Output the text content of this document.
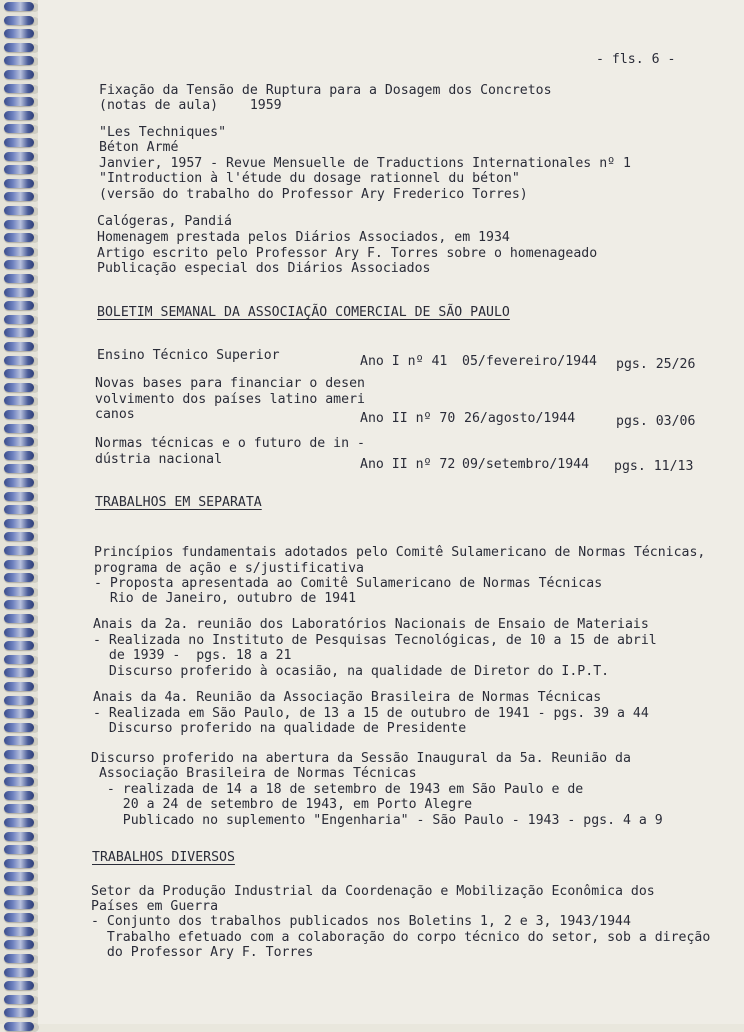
- fls. 6 -
Fixação da Tensão de Ruptura para a Dosagem dos Concretos
(notas de aula)    1959
"Les Techniques"
Béton Armé
Janvier, 1957 - Revue Mensuelle de Traductions Internationales nº 1
"Introduction à l'étude du dosage rationnel du béton"
(versão do trabalho do Professor Ary Frederico Torres)
Calógeras, Pandiá
Homenagem prestada pelos Diários Associados, em 1934
Artigo escrito pelo Professor Ary F. Torres sobre o homenageado
Publicação especial dos Diários Associados
BOLETIM SEMANAL DA ASSOCIAÇÃO COMERCIAL DE SÃO PAULO
Ensino Técnico Superior	Ano I nº 41 05/fevereiro/1944 pgs. 25/26
Novas bases para financiar o desen
volvimento dos países latino ameri
canos	Ano II nº 70 26/agosto/1944	pgs. 03/06
Normas técnicas e o futuro de in -
dústria nacional	Ano II nº 72 09/setembro/1944 pgs. 11/13
TRABALHOS EM SEPARATA
Princípios fundamentais adotados pelo Comitê Sulamericano de Normas Técnicas,
programa de ação e s/justificativa
- Proposta apresentada ao Comitê Sulamericano de Normas Técnicas
Rio de Janeiro, outubro de 1941
Anais da 2a. reunião dos Laboratórios Nacionais de Ensaio de Materiais
- Realizada no Instituto de Pesquisas Tecnológicas, de 10 a 15 de abril
de 1939 -  pgs. 18 a 21
Discurso proferido à ocasião, na qualidade de Diretor do I.P.T.
Anais da 4a. Reunião da Associação Brasileira de Normas Técnicas
- Realizada em São Paulo, de 13 a 15 de outubro de 1941 - pgs. 39 a 44
Discurso proferido na qualidade de Presidente
Discurso proferido na abertura da Sessão Inaugural da 5a. Reunião da
Associação Brasileira de Normas Técnicas
- realizada de 14 a 18 de setembro de 1943 em São Paulo e de
20 a 24 de setembro de 1943, em Porto Alegre
Publicado no suplemento "Engenharia" - São Paulo - 1943 - pgs. 4 a 9
TRABALHOS DIVERSOS
Setor da Produção Industrial da Coordenação e Mobilização Econômica dos
Países em Guerra
- Conjunto dos trabalhos publicados nos Boletins 1, 2 e 3, 1943/1944
Trabalho efetuado com a colaboração do corpo técnico do setor, sob a direção
do Professor Ary F. Torres
